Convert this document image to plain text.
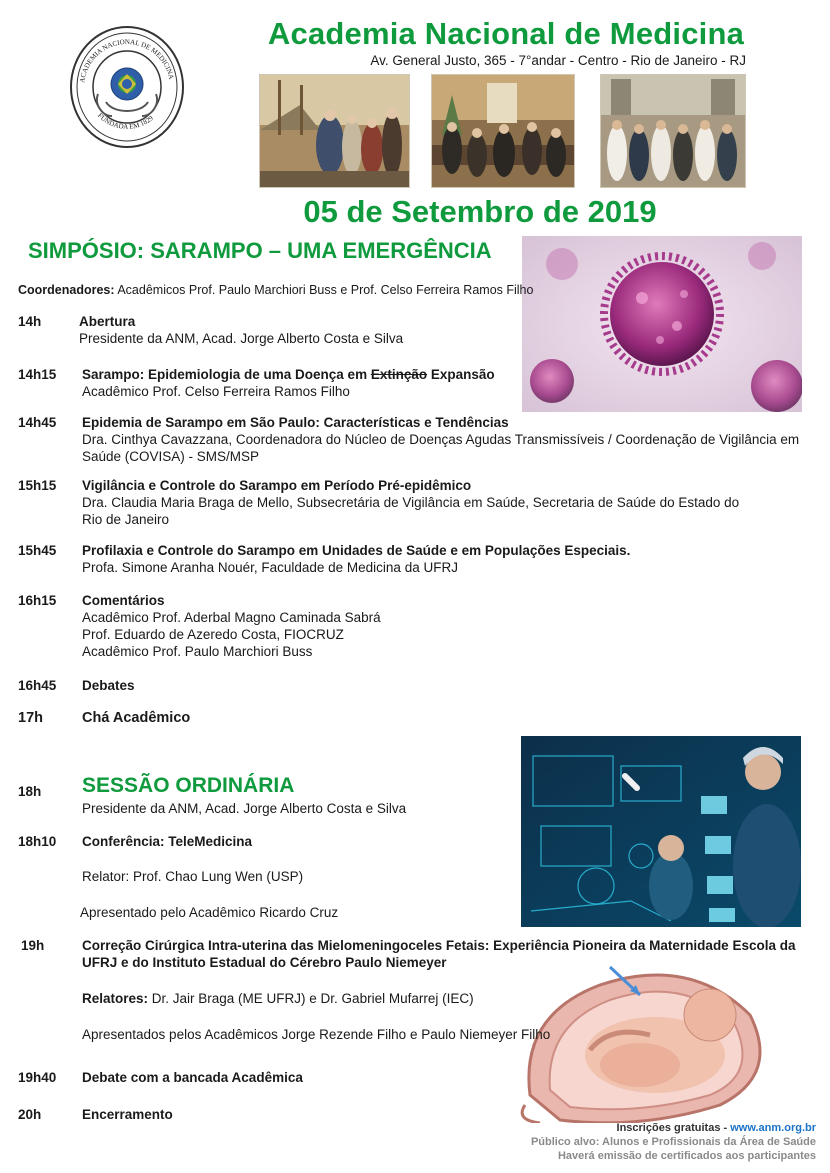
ACADEMIA NACIONAL DE MEDICINA
FUNDADA EM 1829
Academia Nacional de Medicina
Av. General Justo, 365 - 7°andar - Centro - Rio de Janeiro - RJ
05 de Setembro de 2019
SIMPÓSIO: SARAMPO – UMA EMERGÊNCIA
Coordenadores: Acadêmicos Prof. Paulo Marchiori Buss e Prof. Celso Ferreira Ramos Filho
14h	Abertura
Presidente da ANM, Acad. Jorge Alberto Costa e Silva
14h15 Sarampo: Epidemiologia de uma Doença em Extinção Expansão
Acadêmico Prof. Celso Ferreira Ramos Filho
14h45 Epidemia de Sarampo em São Paulo: Características e Tendências
Dra. Cinthya Cavazzana, Coordenadora do Núcleo de Doenças Agudas Transmissíveis / Coordenação de Vigilância em
Saúde (COVISA) - SMS/MSP
15h15 Vigilância e Controle do Sarampo em Período Pré-epidêmico
Dra. Claudia Maria Braga de Mello, Subsecretária de Vigilância em Saúde, Secretaria de Saúde do Estado do
Rio de Janeiro
15h45 Profilaxia e Controle do Sarampo em Unidades de Saúde e em Populações Especiais.
Profa. Simone Aranha Nouér, Faculdade de Medicina da UFRJ
16h15 Comentários
Acadêmico Prof. Aderbal Magno Caminada Sabrá
Prof. Eduardo de Azeredo Costa, FIOCRUZ
Acadêmico Prof. Paulo Marchiori Buss
16h45 Debates
17h	Chá Acadêmico
18h SESSÃO ORDINÁRIA
Presidente da ANM, Acad. Jorge Alberto Costa e Silva
18h10 Conferência: TeleMedicina
Relator: Prof. Chao Lung Wen (USP)
Apresentado pelo Acadêmico Ricardo Cruz
19h	Correção Cirúrgica Intra-uterina das Mielomeningoceles Fetais: Experiência Pioneira da Maternidade Escola da UFRJ e do Instituto Estadual do Cérebro Paulo Niemeyer
Relatores: Dr. Jair Braga (ME UFRJ) e Dr. Gabriel Mufarrej (IEC)
Apresentados pelos Acadêmicos Jorge Rezende Filho e Paulo Niemeyer Filho
19h40 Debate com a bancada Acadêmica
20h	Encerramento
Inscrições gratuitas - www.anm.org.br
Público alvo: Alunos e Profissionais da Área de Saúde
Haverá emissão de certificados aos participantes
